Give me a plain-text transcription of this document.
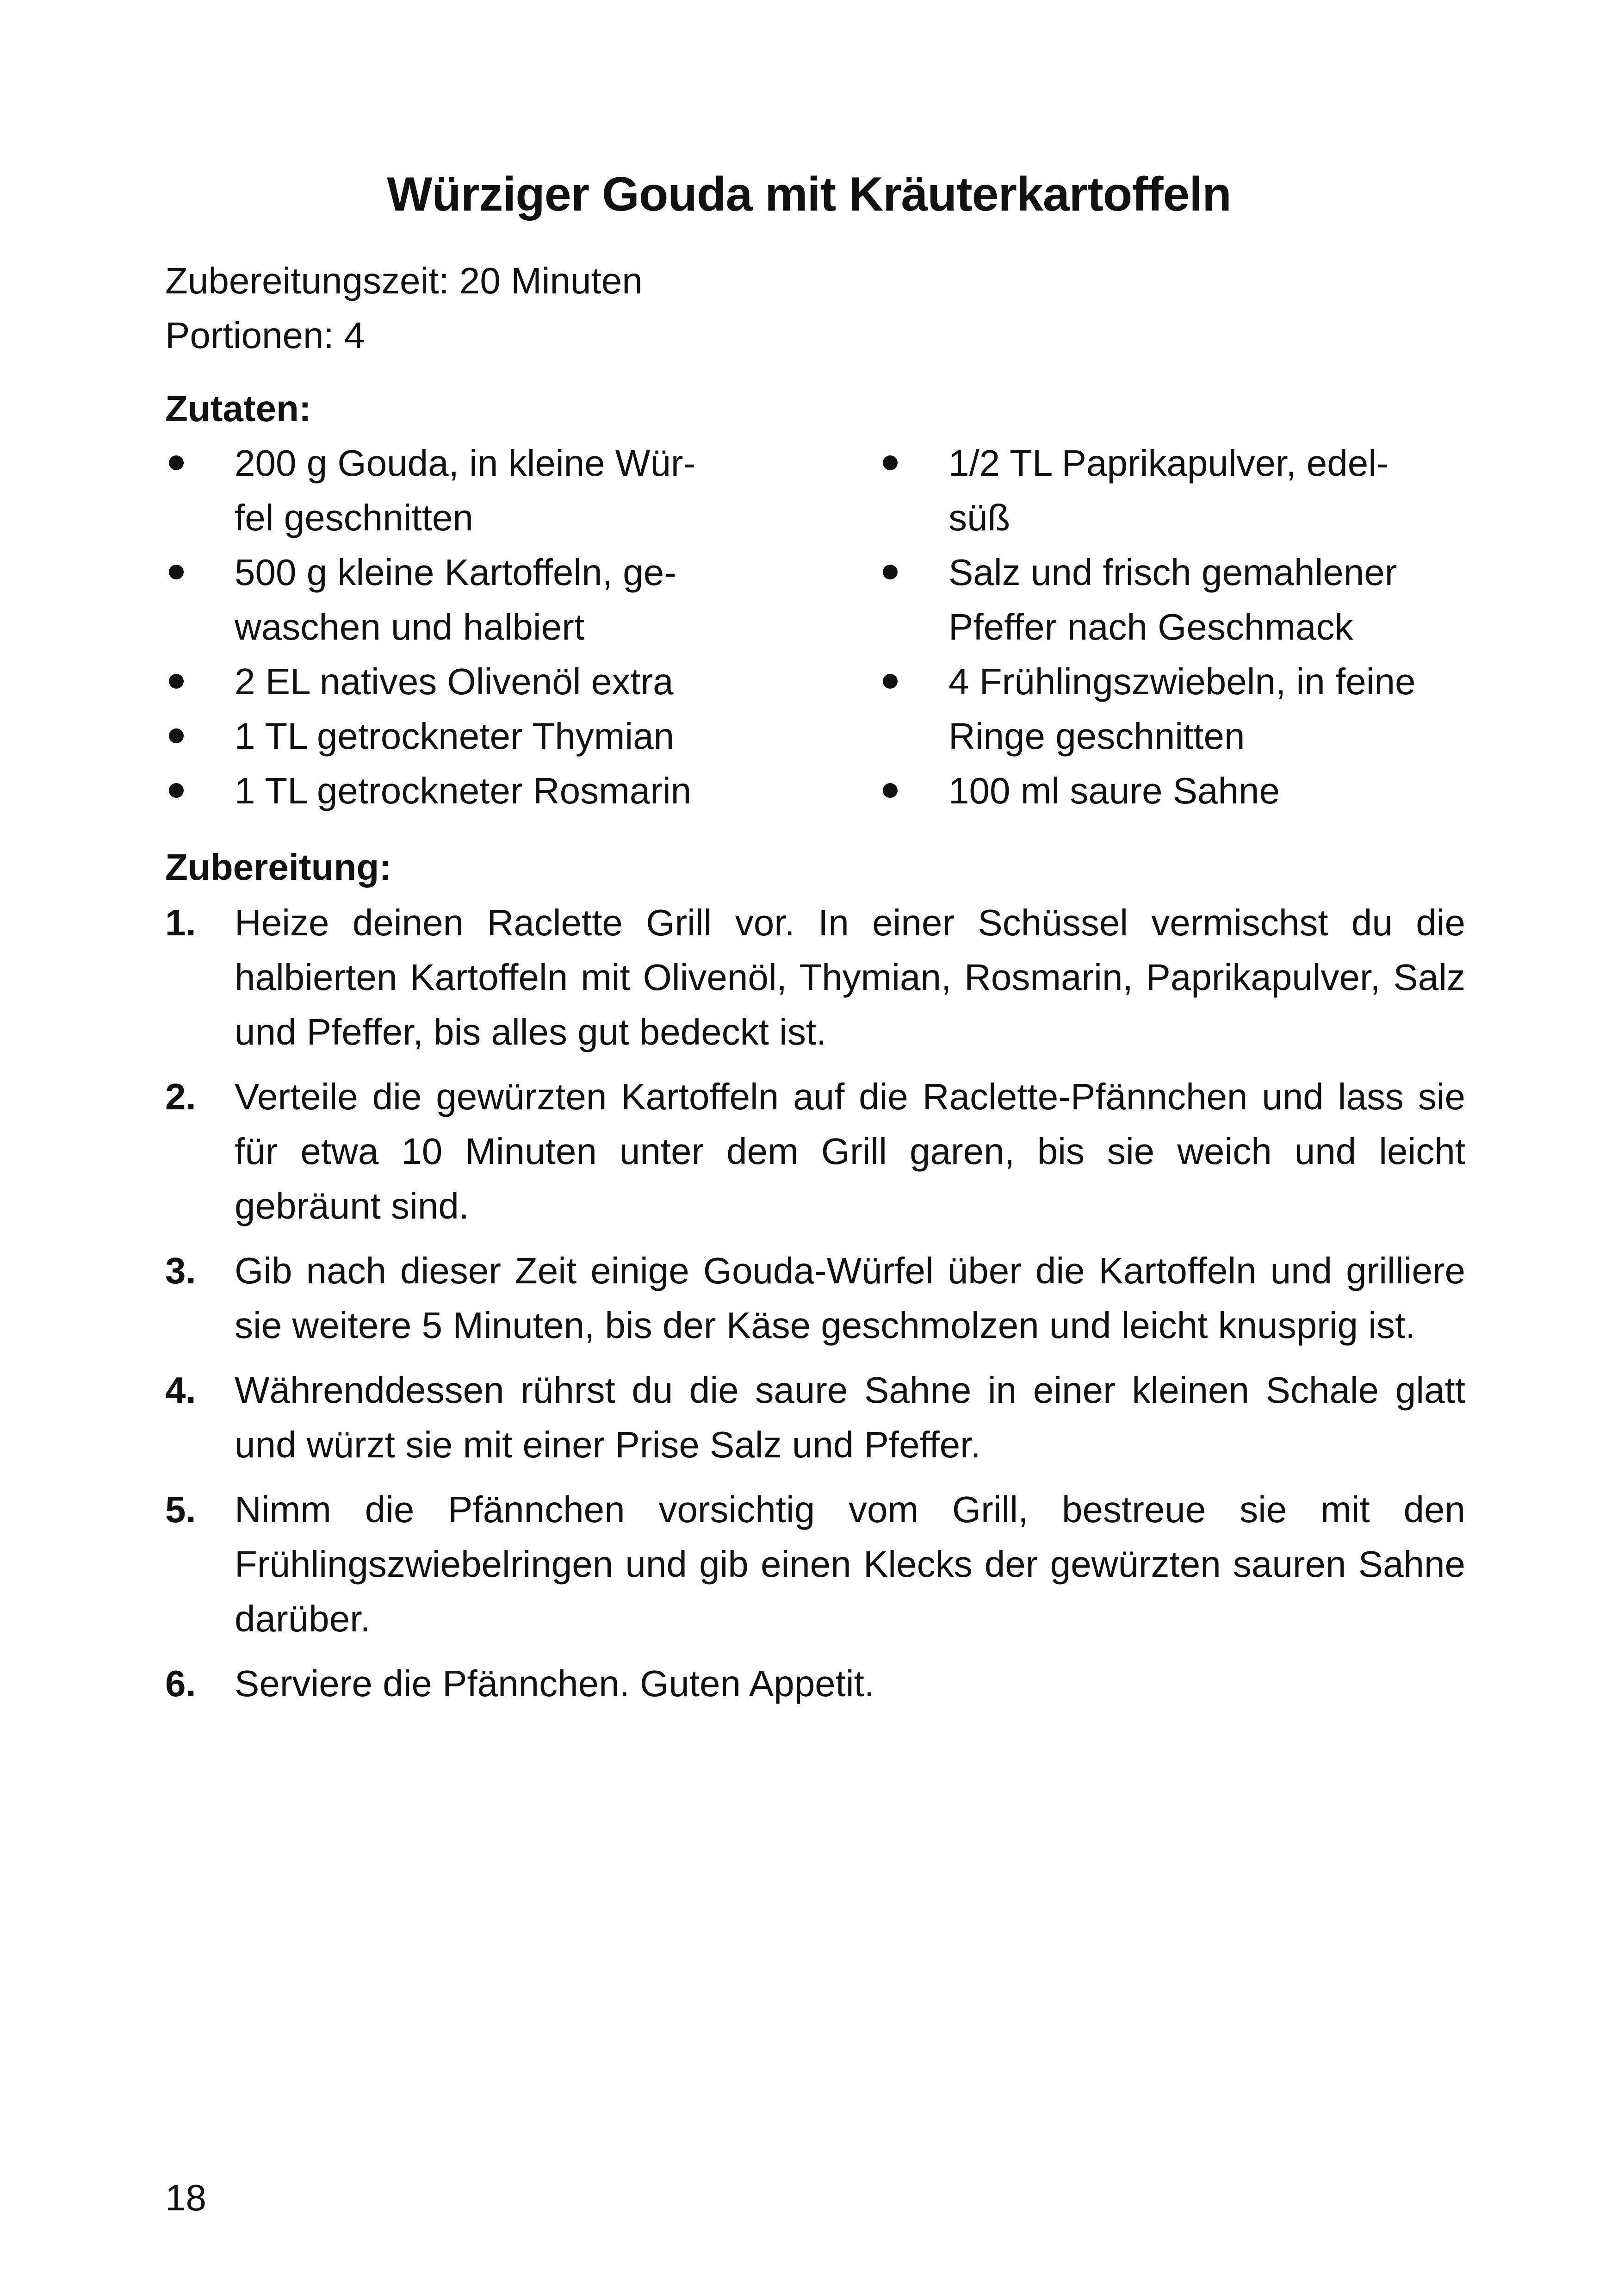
Würziger Gouda mit Kräuterkartoffeln
Zubereitungszeit: 20 Minuten
Portionen: 4
Zutaten:
200 g Gouda, in kleine Wür-
fel geschnitten
500 g kleine Kartoffeln, ge-
waschen und halbiert
2 EL natives Olivenöl extra
1 TL getrockneter Thymian
1 TL getrockneter Rosmarin
1/2 TL Paprikapulver, edel-
süß
Salz und frisch gemahlener
Pfeffer nach Geschmack
4 Frühlingszwiebeln, in feine
Ringe geschnitten
100 ml saure Sahne
Zubereitung:
1. Heize deinen Raclette Grill vor. In einer Schüssel vermischst du die halbierten Kartoffeln mit Olivenöl, Thymian, Rosmarin, Paprikapulver, Salz und Pfeffer, bis alles gut bedeckt ist.
2. Verteile die gewürzten Kartoffeln auf die Raclette-Pfännchen und lass sie für etwa 10 Minuten unter dem Grill garen, bis sie weich und leicht gebräunt sind.
3. Gib nach dieser Zeit einige Gouda-Würfel über die Kartoffeln und grilliere sie weitere 5 Minuten, bis der Käse geschmolzen und leicht knusprig ist.
4. Währenddessen rührst du die saure Sahne in einer kleinen Schale glatt und würzt sie mit einer Prise Salz und Pfeffer.
5. Nimm die Pfännchen vorsichtig vom Grill, bestreue sie mit den Frühlingszwiebelringen und gib einen Klecks der gewürzten sauren Sahne darüber.
6. Serviere die Pfännchen. Guten Appetit.
18
